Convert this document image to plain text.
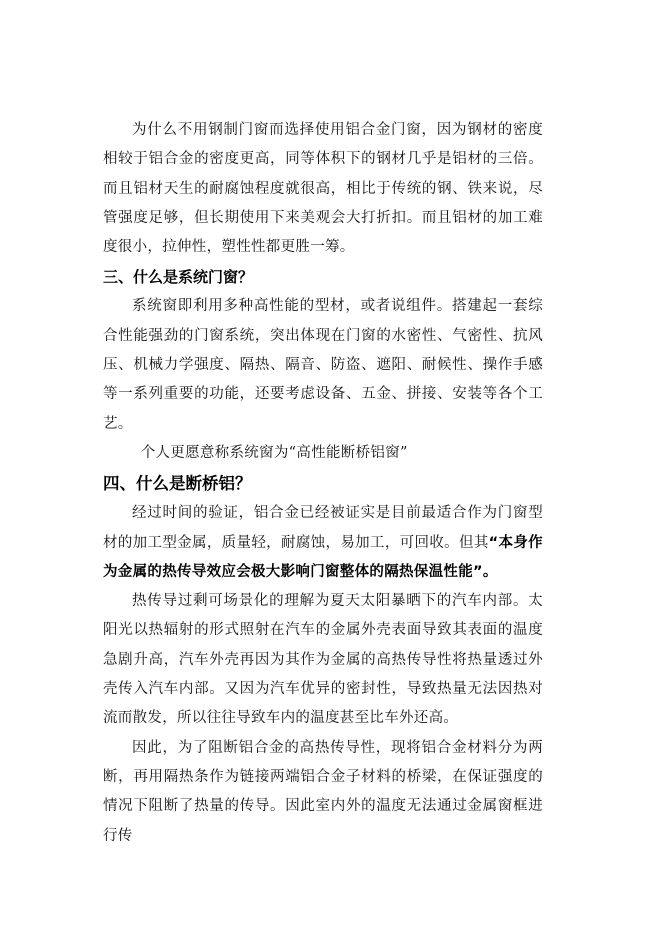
为什么不用钢制门窗而选择使用铝合金门窗，因为钢材的密度相较于铝合金的密度更高，同等体积下的钢材几乎是铝材的三倍。而且铝材天生的耐腐蚀程度就很高，相比于传统的钢、铁来说，尽管强度足够，但长期使用下来美观会大打折扣。而且铝材的加工难度很小，拉伸性，塑性性都更胜一筹。

三、什么是系统门窗？

系统窗即利用多种高性能的型材，或者说组件。搭建起一套综合性能强劲的门窗系统，突出体现在门窗的水密性、气密性、抗风压、机械力学强度、隔热、隔音、防盗、遮阳、耐候性、操作手感等一系列重要的功能，还要考虑设备、五金、拼接、安装等各个工艺。

个人更愿意称系统窗为“高性能断桥铝窗”

四、什么是断桥铝？

经过时间的验证，铝合金已经被证实是目前最适合作为门窗型材的加工型金属，质量轻，耐腐蚀，易加工，可回收。但其“本身作为金属的热传导效应会极大影响门窗整体的隔热保温性能”。

热传导过剩可场景化的理解为夏天太阳暴晒下的汽车内部。太阳光以热辐射的形式照射在汽车的金属外壳表面导致其表面的温度急剧升高，汽车外壳再因为其作为金属的高热传导性将热量透过外壳传入汽车内部。又因为汽车优异的密封性，导致热量无法因热对流而散发，所以往往导致车内的温度甚至比车外还高。

因此，为了阻断铝合金的高热传导性，现将铝合金材料分为两断，再用隔热条作为链接两端铝合金子材料的桥梁，在保证强度的情况下阻断了热量的传导。因此室内外的温度无法通过金属窗框进行传
